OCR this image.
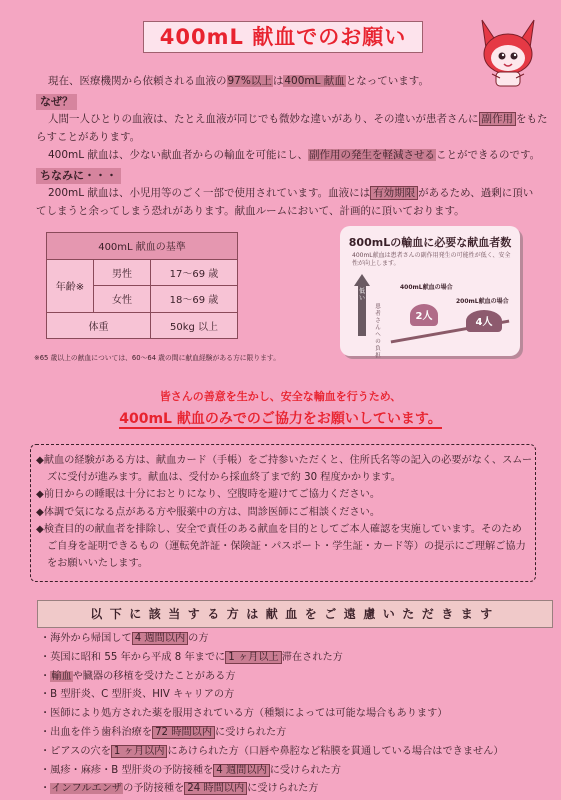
400mL 献血でのお願い
現在、医療機関から依頼される血液の97%以上は400mL 献血となっています。
なぜ？
人間一人ひとりの血液は、たとえ血液が同じでも微妙な違いがあり、その違いが患者さんに 副作用 をもた
らすことがあります。
400mL 献血は、少ない献血者からの輸血を可能にし、副作用の発生を軽減させることができるのです。
ちなみに・・・
200mL 献血は、小児用等のごく一部で使用されています。血液には 有効期限 があるため、過剰に頂い
てしまうと余ってしまう恐れがあります。献血ルームにおいて、計画的に頂いております。
400mL 献血の基準		
年齢※	男性	17～69 歳
	女性	18～69 歳
体重		50kg 以上
※65 歳以上の献血については、60～64 歳の間に献血経験がある方に限ります。
800mLの輸血に必要な献血者数
400mL献血は患者さんの副作用発生の可能性が低く、安全性が向上します。
低い
患者さんへの負担
400mL献血の場合
200mL献血の場合
2人
4人
皆さんの善意を生かし、安全な輸血を行うため、
400mL 献血のみでのご協力をお願いしています。
◆献血の経験がある方は、献血カード（手帳）をご持参いただくと、住所氏名等の記入の必要がなく、スムー
ズに受付が進みます。献血は、受付から採血終了まで約 30 程度かかります。
◆前日からの睡眠は十分におとりになり、空腹時を避けてご協力ください。
◆体調で気になる点がある方や服薬中の方は、問診医師にご相談ください。
◆検査目的の献血者を排除し、安全で責任のある献血を目的としてご本人確認を実施しています。そのため
ご自身を証明できるもの（運転免許証・保険証・パスポート・学生証・カード等）の提示にご理解ご協力
をお願いいたします。
以下に該当する方は献血をご遠慮いただきます
・海外から帰国して 4 週間以内 の方
・英国に昭和 55 年から平成 8 年までに 1 ヶ月以上 滞在された方
・輸血や臓器の移植を受けたことがある方
・B 型肝炎、C 型肝炎、HIV キャリアの方
・医師により処方された薬を服用されている方（種類によっては可能な場合もあります）
・出血を伴う歯科治療を 72 時間以内 に受けられた方
・ピアスの穴を 1 ヶ月以内 にあけられた方（口唇や鼻腔など粘膜を貫通している場合はできません）
・風疹・麻疹・B 型肝炎の予防接種を 4 週間以内 に受けられた方
・インフルエンザの予防接種を 24 時間以内 に受けられた方
